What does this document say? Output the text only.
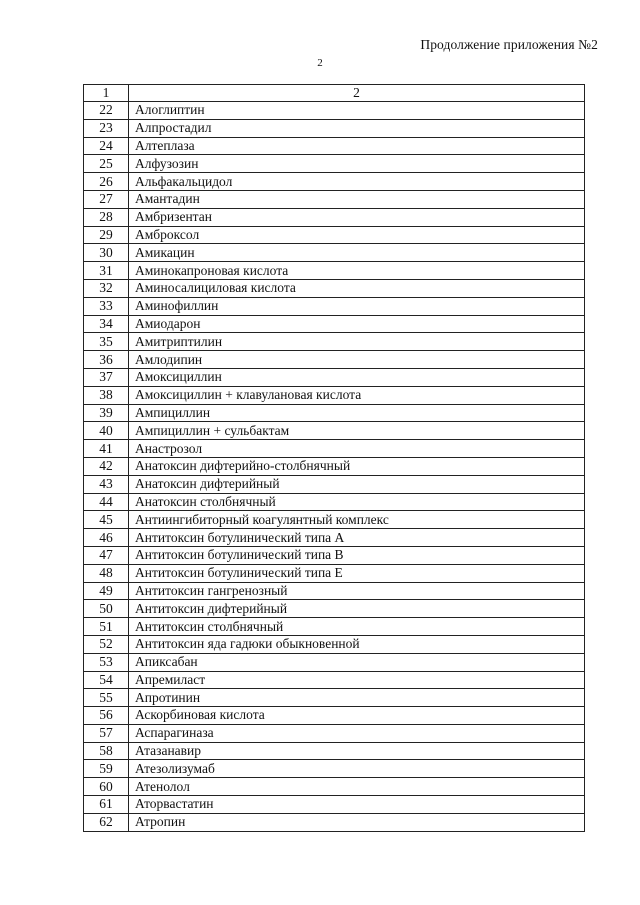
Продолжение приложения №2
2
1	2
22	Алоглиптин
23	Алпростадил
24	Алтеплаза
25	Алфузозин
26	Альфакальцидол
27	Амантадин
28	Амбризентан
29	Амброксол
30	Амикацин
31	Аминокапроновая кислота
32	Аминосалициловая кислота
33	Аминофиллин
34	Амиодарон
35	Амитриптилин
36	Амлодипин
37	Амоксициллин
38	Амоксициллин + клавулановая кислота
39	Ампициллин
40	Ампициллин + сульбактам
41	Анастрозол
42	Анатоксин дифтерийно-столбнячный
43	Анатоксин дифтерийный
44	Анатоксин столбнячный
45	Антиингибиторный коагулянтный комплекс
46	Антитоксин ботулинический типа А
47	Антитоксин ботулинический типа В
48	Антитоксин ботулинический типа Е
49	Антитоксин гангренозный
50	Антитоксин дифтерийный
51	Антитоксин столбнячный
52	Антитоксин яда гадюки обыкновенной
53	Апиксабан
54	Апремиласт
55	Апротинин
56	Аскорбиновая кислота
57	Аспарагиназа
58	Атазанавир
59	Атезолизумаб
60	Атенолол
61	Аторвастатин
62	Атропин
